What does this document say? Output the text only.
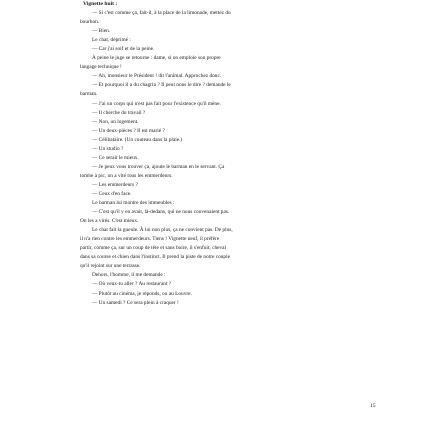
Vignette huit :
— Si c'est comme ça, fait-il, à la place de la limonade, mettez du
bourbon.
— Bien.
Le chat, déprimé :
— Car j'ai soif et de la peine.
À peine le juge se retourne : dame, si on emploie son propre
langage technique !
— Ah, monsieur le Président ! dit l'animal. Approchez donc.
— Et pourquoi il a du chagrin ? Il peut nous le dire ? demande le
barman.
— J'ai un corps qui n'est pas fait pour l'existence qu'il mène.
— Il cherche du travail ?
— Non, un logement.
— Un deux-pièces ? Il est marié ?
— Célibataire. (Un couteau dans la plaie.)
— Un studio ?
— Ce serait le mieux.
— Je peux vous trouver ça, ajoute le barman en le servant. Ça
tombe à pic, on a vité tous les emmerdeurs.
— Les emmerdeurs ?
— Ceux d'en face.
Le barman lui montre des immeubles :
— C'est qu'il y en avait, là-dedans, qui ne nous convenaient pas.
On les a virés. C'est mieux.
Le chat fait la gueule. À lui non plus, ça ne convient pas. De plus,
il n'a rien contre les emmerdeurs. Tiens ! Vignette neuf, il préfère
partir, comme ça, sur un coup de tête et sans boire, il s'enfuit, cheval
dans sa course et chien dans l'instinct. Il prend la piste de notre couple
qu'il rejoint sur une terrasse.
Dehors, l'homme, il me demande :
— Où veux-tu aller ? Au restaurant ?
— Plutôt au cinéma, je réponds, ou au Louvre.
— Un samedi ? Ce sera plein à craquer !
15
